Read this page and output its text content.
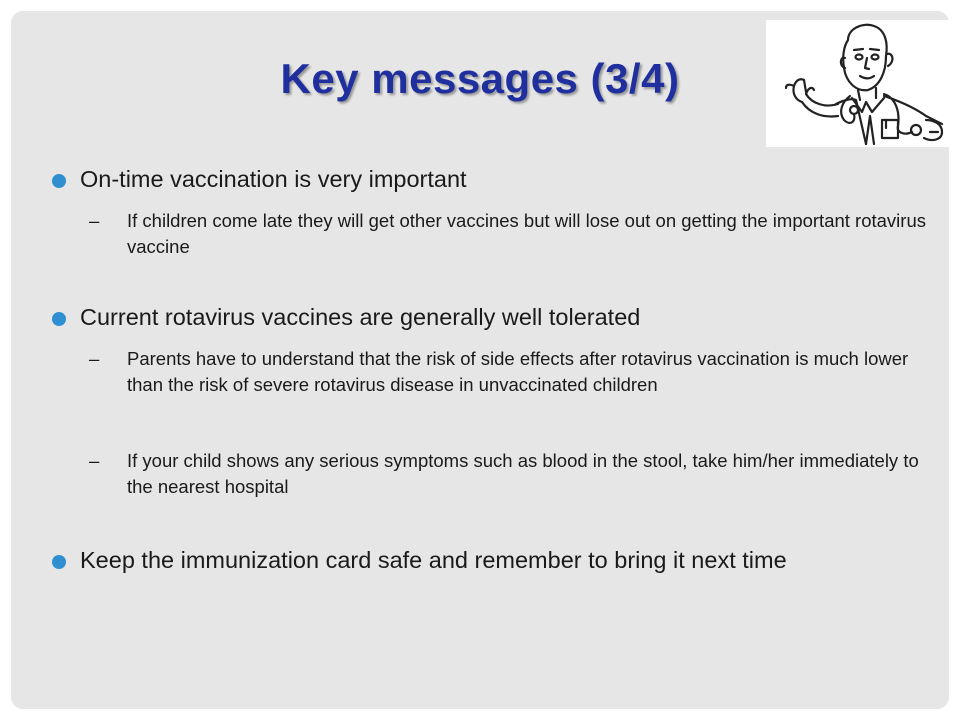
Key messages (3/4)
On-time vaccination is very important
– If children come late they will get other vaccines but will lose out on getting the important rotavirus vaccine
Current rotavirus vaccines are generally well tolerated
– Parents have to understand that the risk of side effects after rotavirus vaccination is much lower than the risk of severe rotavirus disease in unvaccinated children
– If your child shows any serious symptoms such as blood in the stool, take him/her immediately to the nearest hospital
Keep the immunization card safe and remember to bring it next time
